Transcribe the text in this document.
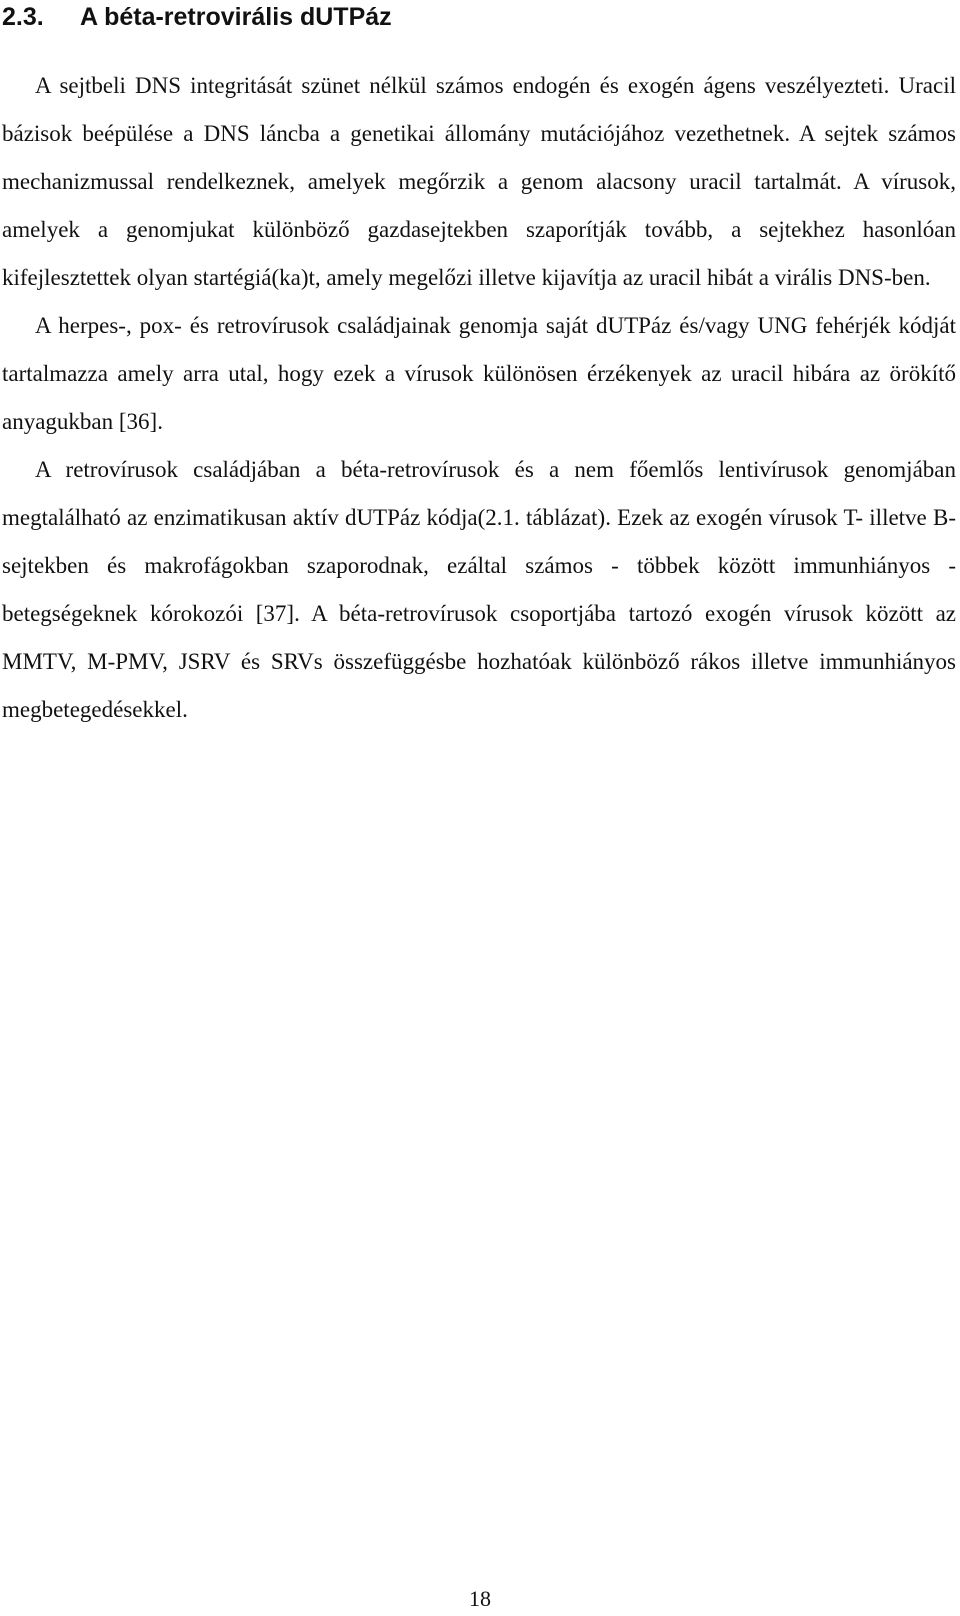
2.3. A béta-retrovirális dUTPáz

A sejtbeli DNS integritását szünet nélkül számos endogén és exogén ágens veszélyezteti. Uracil bázisok beépülése a DNS láncba a genetikai állomány mutációjához vezethetnek. A sejtek számos mechanizmussal rendelkeznek, amelyek megőrzik a genom alacsony uracil tartalmát. A vírusok, amelyek a genomjukat különböző gazdasejtekben szaporítják tovább, a sejtekhez hasonlóan kifejlesztettek olyan startégiá(ka)t, amely megelőzi illetve kijavítja az uracil hibát a virális DNS-ben.

A herpes-, pox- és retrovírusok családjainak genomja saját dUTPáz és/vagy UNG fehérjék kódját tartalmazza amely arra utal, hogy ezek a vírusok különösen érzékenyek az uracil hibára az örökítő anyagukban [36].

A retrovírusok családjában a béta-retrovírusok és a nem főemlős lentivírusok genomjában megtalálható az enzimatikusan aktív dUTPáz kódja(2.1. táblázat). Ezek az exogén vírusok T- illetve B-sejtekben és makrofágokban szaporodnak, ezáltal számos - többek között immunhiányos - betegségeknek kórokozói [37]. A béta-retrovírusok csoportjába tartozó exogén vírusok között az MMTV, M-PMV, JSRV és SRVs összefüggésbe hozhatóak különböző rákos illetve immunhiányos megbetegedésekkel.

18
